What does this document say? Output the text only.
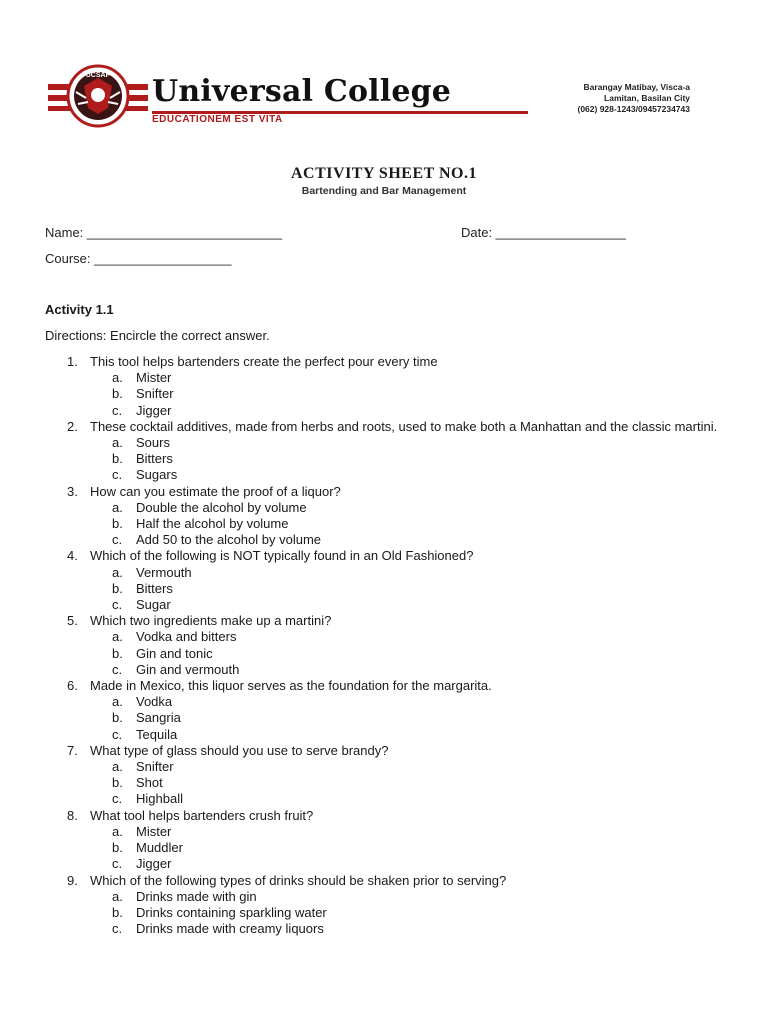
UCSAP Universal College
EDUCATIONEM EST VITA
Barangay Matibay, Visca-a
Lamitan, Basilan City
(062) 928-1243/09457234743
ACTIVITY SHEET NO.1
Bartending and Bar Management
Name: ___________________________	Date: __________________
Course: ___________________
Activity 1.1
Directions: Encircle the correct answer.
1. This tool helps bartenders create the perfect pour every time
a.	Mister
b.	Snifter
c.	Jigger
2. These cocktail additives, made from herbs and roots, used to make both a Manhattan and the classic martini.
a.	Sours
b.	Bitters
c.	Sugars
3. How can you estimate the proof of a liquor?
a.	Double the alcohol by volume
b.	Half the alcohol by volume
c.	Add 50 to the alcohol by volume
4. Which of the following is NOT typically found in an Old Fashioned?
a.	Vermouth
b.	Bitters
c.	Sugar
5. Which two ingredients make up a martini?
a.	Vodka and bitters
b.	Gin and tonic
c.	Gin and vermouth
6. Made in Mexico, this liquor serves as the foundation for the margarita.
a.	Vodka
b.	Sangria
c.	Tequila
7. What type of glass should you use to serve brandy?
a.	Snifter
b.	Shot
c.	Highball
8. What tool helps bartenders crush fruit?
a.	Mister
b.	Muddler
c.	Jigger
9. Which of the following types of drinks should be shaken prior to serving?
a.	Drinks made with gin
b.	Drinks containing sparkling water
c.	Drinks made with creamy liquors
